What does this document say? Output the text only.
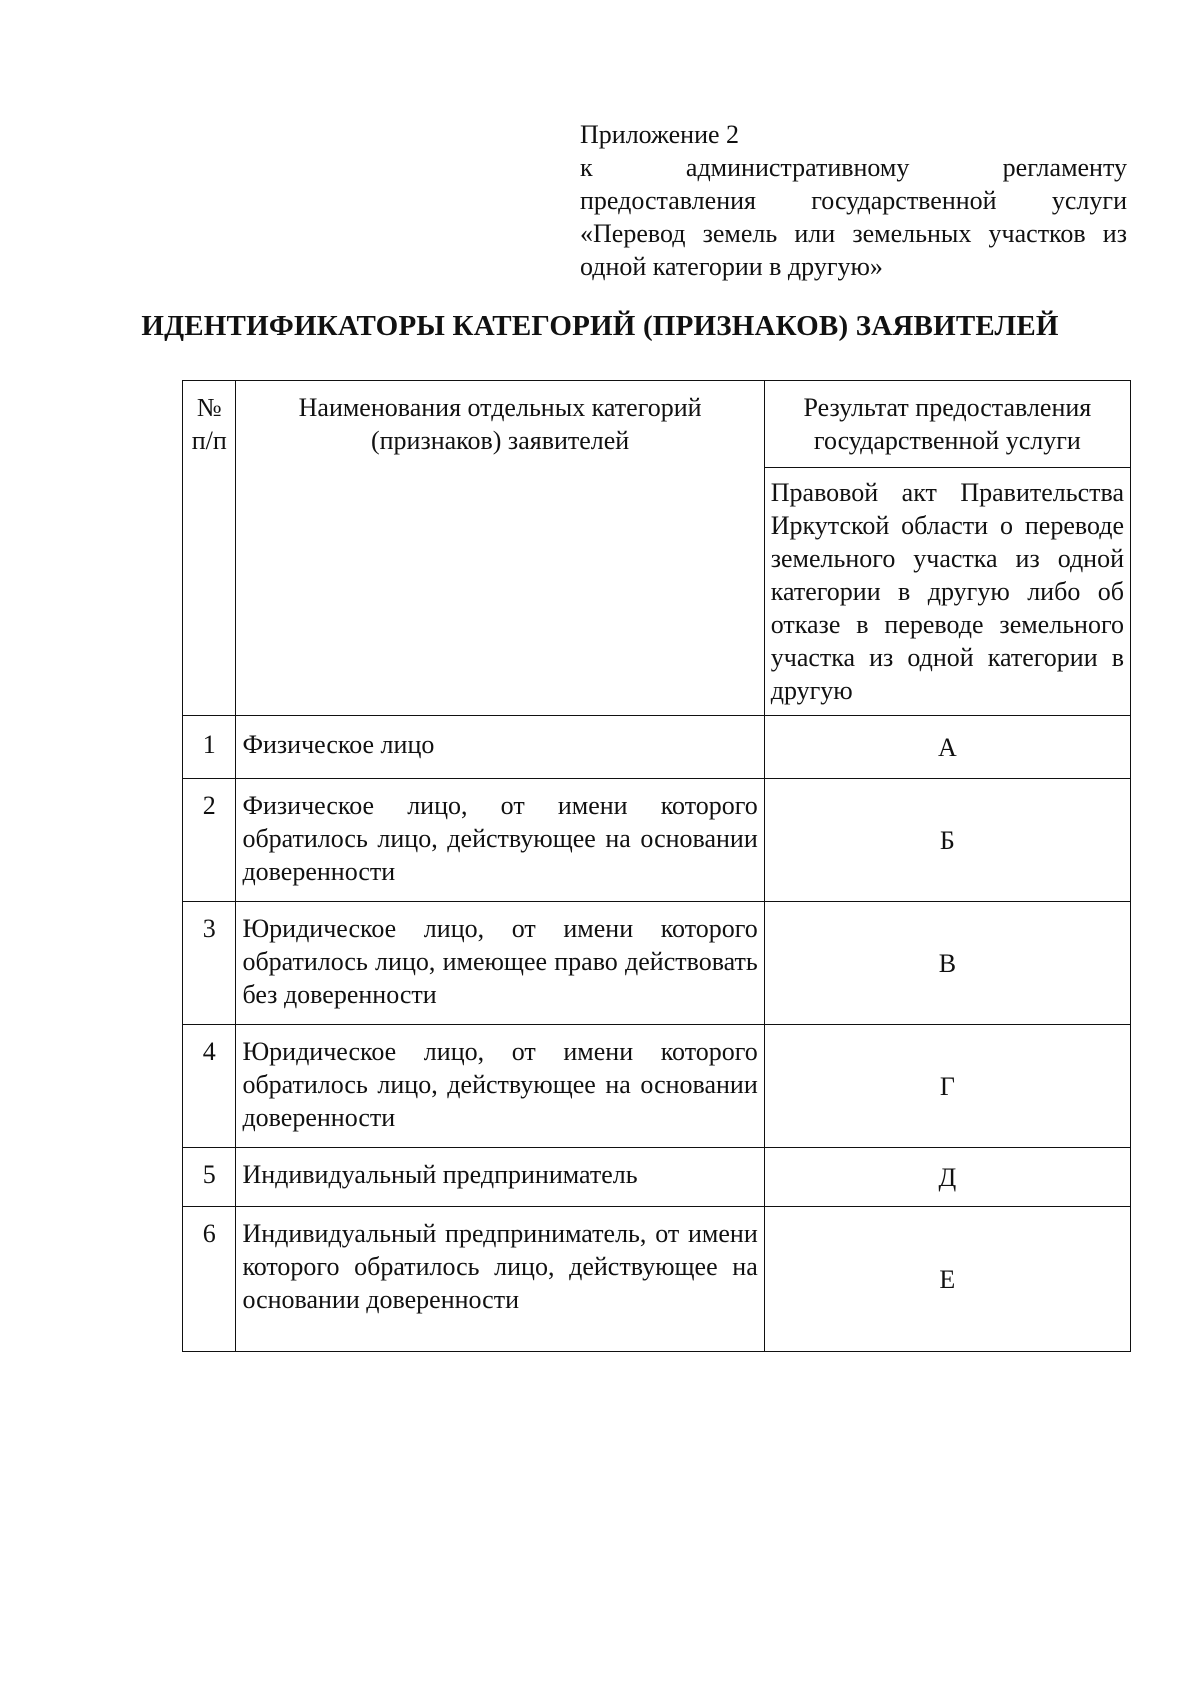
Приложение 2
к административному регламенту
предоставления государственной услуги
«Перевод земель или земельных участков из
одной категории в другую»
ИДЕНТИФИКАТОРЫ КАТЕГОРИЙ (ПРИЗНАКОВ) ЗАЯВИТЕЛЕЙ
№ п/п	Наименования отдельных категорий (признаков) заявителей	Результат предоставления государственной услуги
		Правовой акт Правительства Иркутской области о переводе земельного участка из одной категории в другую либо об отказе в переводе земельного участка из одной категории в другую
1	Физическое лицо	А
2	Физическое лицо, от имени которого обратилось лицо, действующее на основании доверенности	Б
3	Юридическое лицо, от имени которого обратилось лицо, имеющее право действовать без доверенности	В
4	Юридическое лицо, от имени которого обратилось лицо, действующее на основании доверенности	Г
5	Индивидуальный предприниматель	Д
6	Индивидуальный предприниматель, от имени которого обратилось лицо, действующее на основании доверенности	Е
